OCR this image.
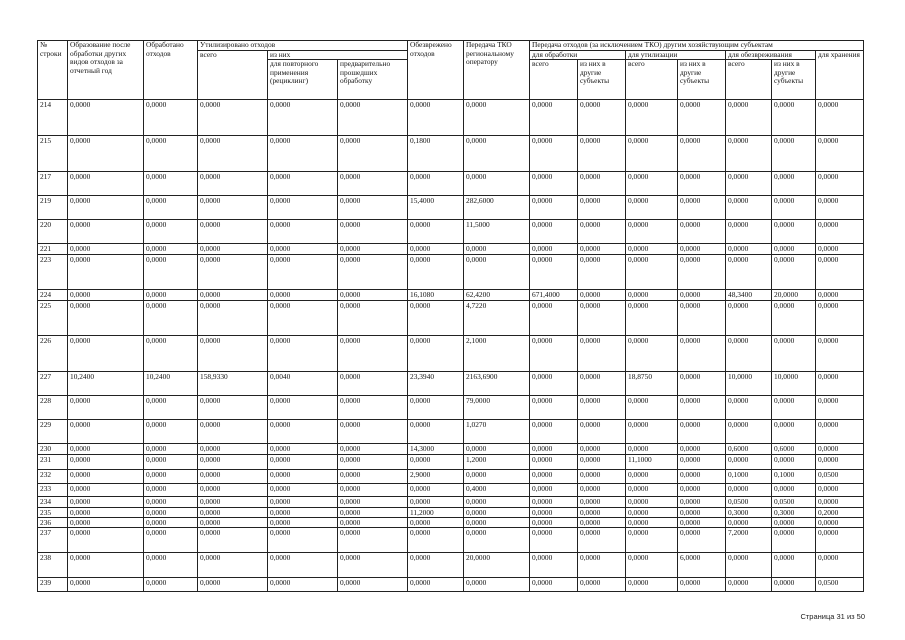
№ строки	Образование после обработки других видов отходов за отчетный год	Обработано отходов	Утилизировано отходов			Обезврежено отходов	Передача ТКО региональному оператору	Передача отходов (за исключением ТКО) другим хозяйствующим субъектам						
			всего	из них				для обработки		для утилизации		для обезвреживания		для хранения
				для повторного применения (рециклинг)	предварительно прошедших обработку			всего	из них в другие субъекты	всего	из них в другие субъекты	всего	из них в другие субъекты	
214	0,0000	0,0000	0,0000	0,0000	0,0000	0,0000	0,0000	0,0000	0,0000	0,0000	0,0000	0,0000	0,0000	0,0000
215	0,0000	0,0000	0,0000	0,0000	0,0000	0,1800	0,0000	0,0000	0,0000	0,0000	0,0000	0,0000	0,0000	0,0000
217	0,0000	0,0000	0,0000	0,0000	0,0000	0,0000	0,0000	0,0000	0,0000	0,0000	0,0000	0,0000	0,0000	0,0000
219	0,0000	0,0000	0,0000	0,0000	0,0000	15,4000	282,6000	0,0000	0,0000	0,0000	0,0000	0,0000	0,0000	0,0000
220	0,0000	0,0000	0,0000	0,0000	0,0000	0,0000	11,5000	0,0000	0,0000	0,0000	0,0000	0,0000	0,0000	0,0000
221	0,0000	0,0000	0,0000	0,0000	0,0000	0,0000	0,0000	0,0000	0,0000	0,0000	0,0000	0,0000	0,0000	0,0000
223	0,0000	0,0000	0,0000	0,0000	0,0000	0,0000	0,0000	0,0000	0,0000	0,0000	0,0000	0,0000	0,0000	0,0000
224	0,0000	0,0000	0,0000	0,0000	0,0000	16,1080	62,4200	671,4000	0,0000	0,0000	0,0000	48,3400	20,0000	0,0000
225	0,0000	0,0000	0,0000	0,0000	0,0000	0,0000	4,7220	0,0000	0,0000	0,0000	0,0000	0,0000	0,0000	0,0000
226	0,0000	0,0000	0,0000	0,0000	0,0000	0,0000	2,1000	0,0000	0,0000	0,0000	0,0000	0,0000	0,0000	0,0000
227	10,2400	10,2400	158,9330	0,0040	0,0000	23,3940	2163,6900	0,0000	0,0000	18,8750	0,0000	10,0000	10,0000	0,0000
228	0,0000	0,0000	0,0000	0,0000	0,0000	0,0000	79,0000	0,0000	0,0000	0,0000	0,0000	0,0000	0,0000	0,0000
229	0,0000	0,0000	0,0000	0,0000	0,0000	0,0000	1,0270	0,0000	0,0000	0,0000	0,0000	0,0000	0,0000	0,0000
230	0,0000	0,0000	0,0000	0,0000	0,0000	14,3000	0,0000	0,0000	0,0000	0,0000	0,0000	0,6000	0,6000	0,0000
231	0,0000	0,0000	0,0000	0,0000	0,0000	0,0000	1,2000	0,0000	0,0000	11,1000	0,0000	0,0000	0,0000	0,0000
232	0,0000	0,0000	0,0000	0,0000	0,0000	2,9000	0,0000	0,0000	0,0000	0,0000	0,0000	0,1000	0,1000	0,0500
233	0,0000	0,0000	0,0000	0,0000	0,0000	0,0000	0,4000	0,0000	0,0000	0,0000	0,0000	0,0000	0,0000	0,0000
234	0,0000	0,0000	0,0000	0,0000	0,0000	0,0000	0,0000	0,0000	0,0000	0,0000	0,0000	0,0500	0,0500	0,0000
235	0,0000	0,0000	0,0000	0,0000	0,0000	11,2000	0,0000	0,0000	0,0000	0,0000	0,0000	0,3000	0,3000	0,2000
236	0,0000	0,0000	0,0000	0,0000	0,0000	0,0000	0,0000	0,0000	0,0000	0,0000	0,0000	0,0000	0,0000	0,0000
237	0,0000	0,0000	0,0000	0,0000	0,0000	0,0000	0,0000	0,0000	0,0000	0,0000	0,0000	7,2000	0,0000	0,0000
238	0,0000	0,0000	0,0000	0,0000	0,0000	0,0000	20,0000	0,0000	0,0000	0,0000	6,0000	0,0000	0,0000	0,0000
239	0,0000	0,0000	0,0000	0,0000	0,0000	0,0000	0,0000	0,0000	0,0000	0,0000	0,0000	0,0000	0,0000	0,0500
Страница 31 из 50
